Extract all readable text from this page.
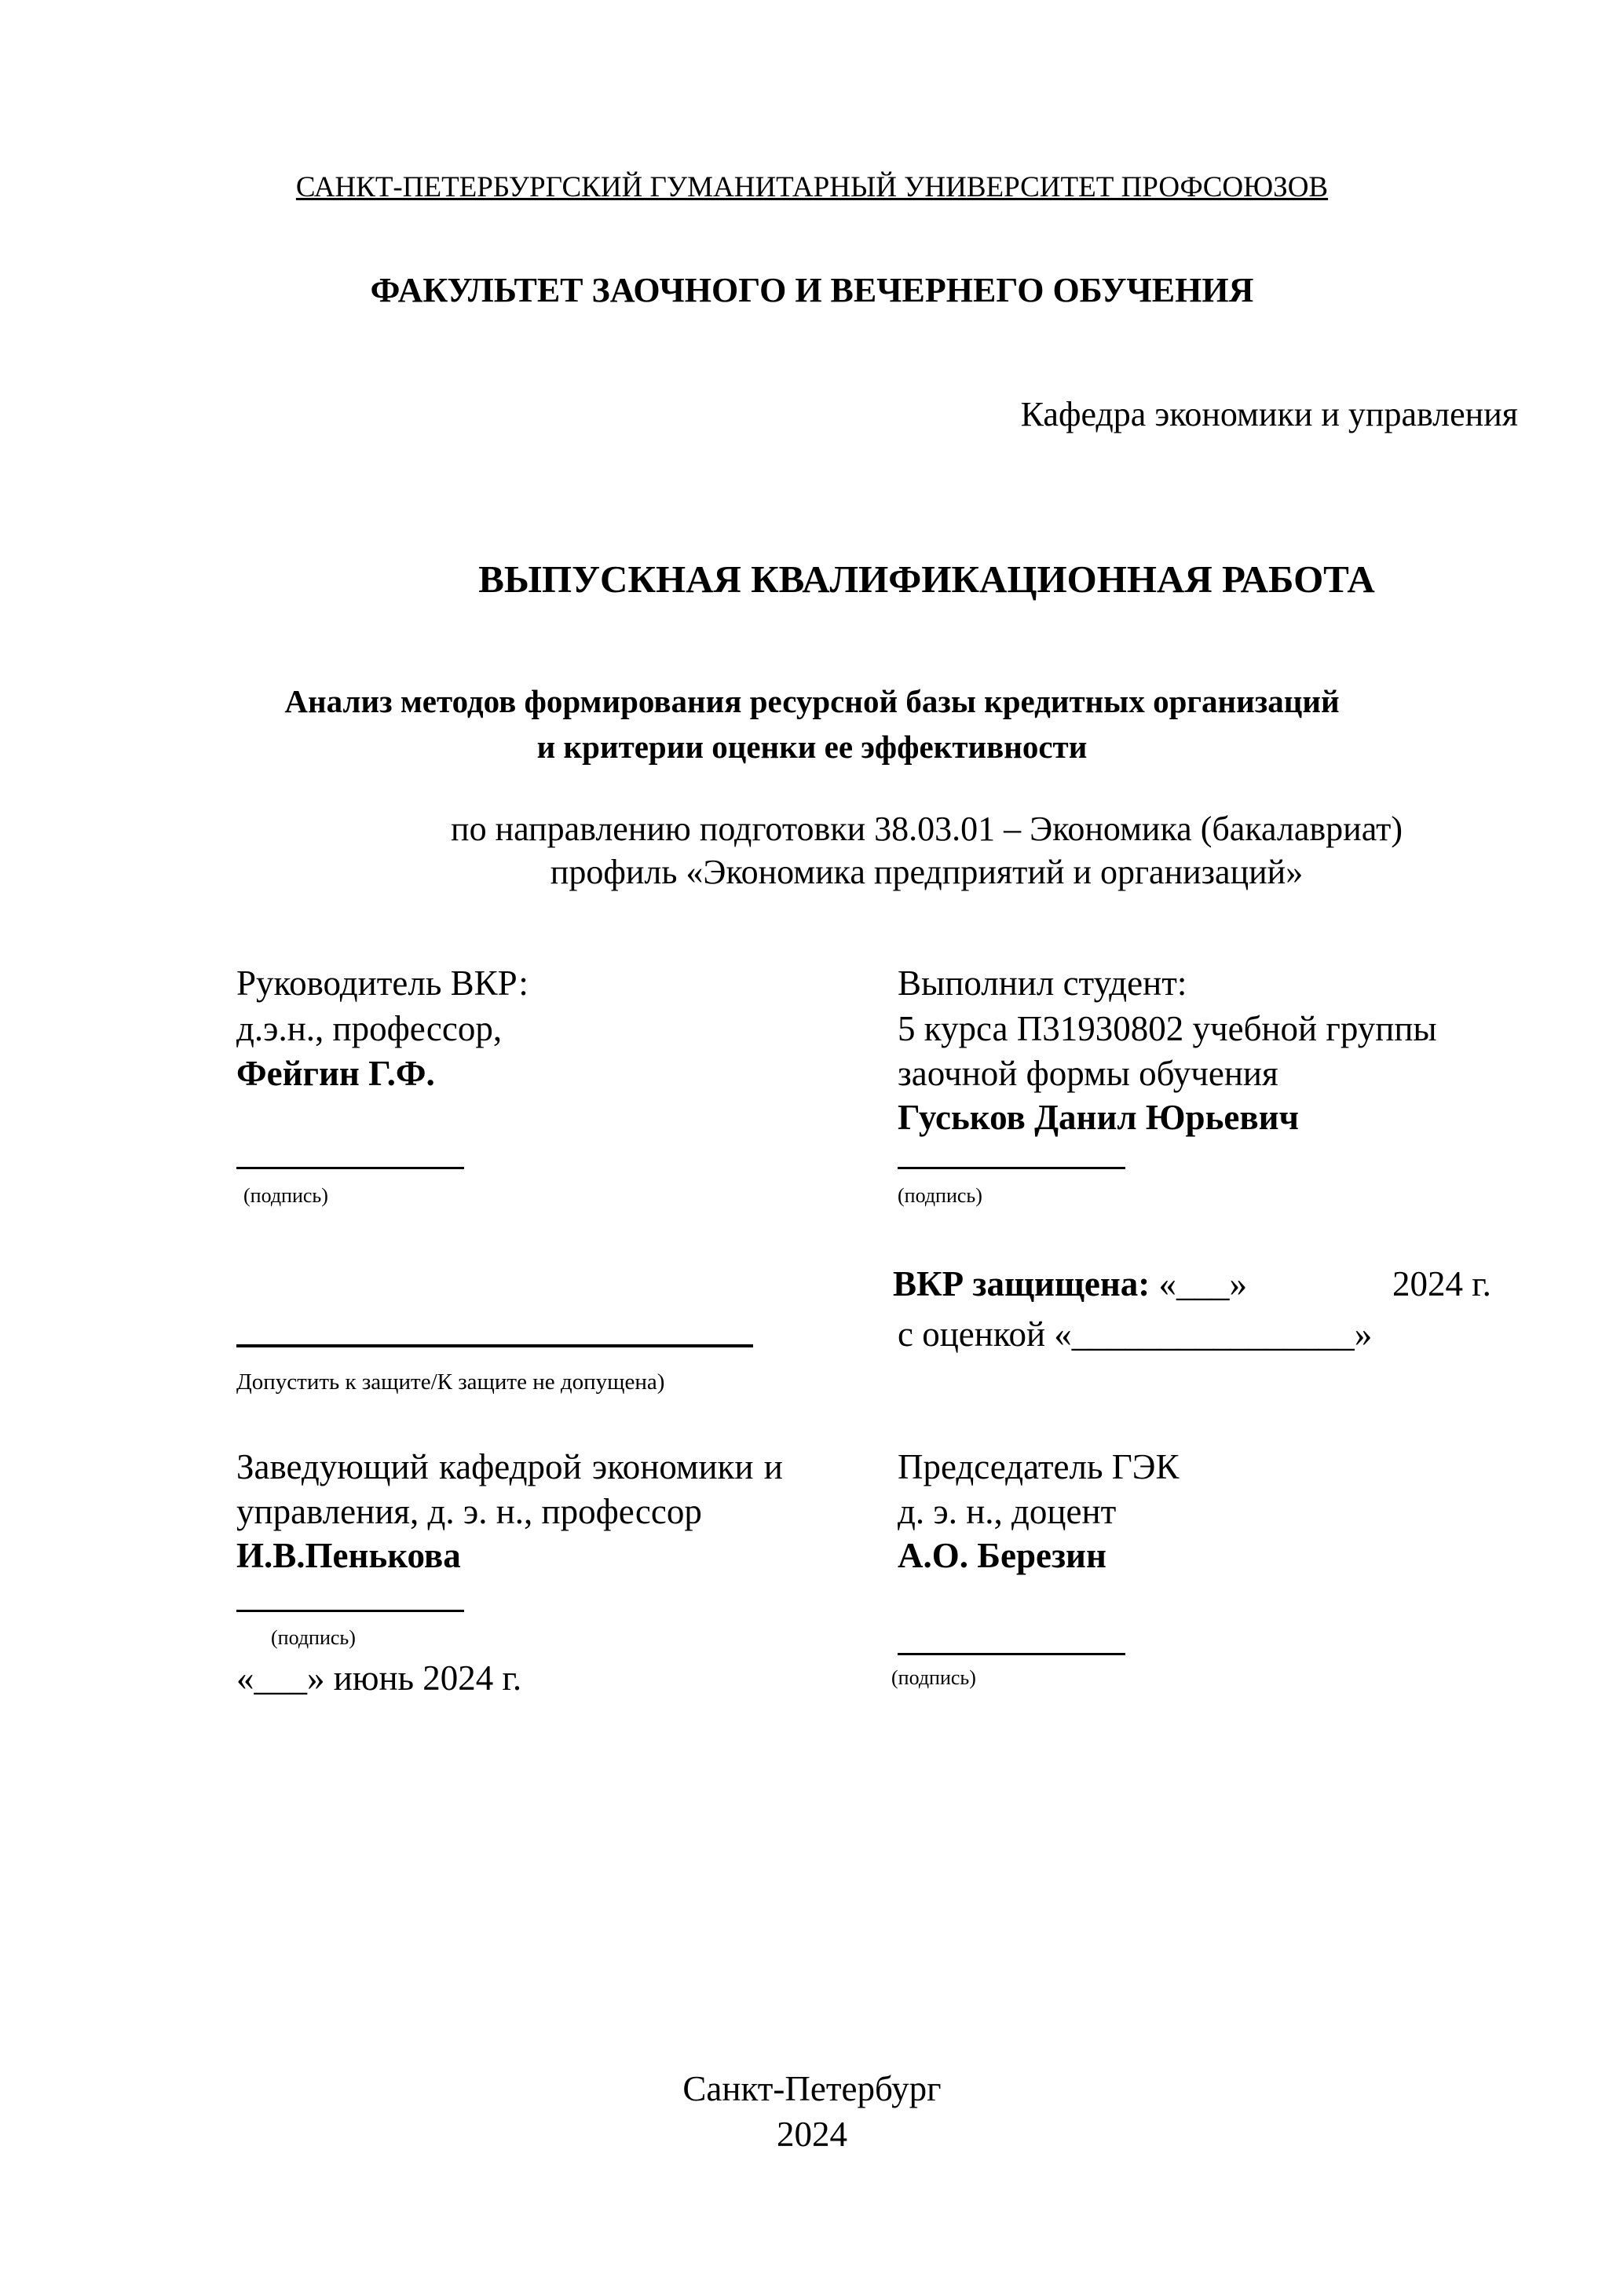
САНКТ-ПЕТЕРБУРГСКИЙ ГУМАНИТАРНЫЙ УНИВЕРСИТЕТ ПРОФСОЮЗОВ
ФАКУЛЬТЕТ ЗАОЧНОГО И ВЕЧЕРНЕГО ОБУЧЕНИЯ
Кафедра экономики и управления
ВЫПУСКНАЯ КВАЛИФИКАЦИОННАЯ РАБОТА
Анализ методов формирования ресурсной базы кредитных организаций
и критерии оценки ее эффективности
по направлению подготовки 38.03.01 – Экономика (бакалавриат)
профиль «Экономика предприятий и организаций»
Руководитель ВКР:
д.э.н., профессор,
Фейгин Г.Ф.
(подпись)
Выполнил студент:
5 курса П31930802 учебной группы
заочной формы обучения
Гуськов Данил Юрьевич
(подпись)
ВКР защищена: «___»	2024 г.
с оценкой «________________»
Допустить к защите/К защите не допущена)
Заведующий кафедрой экономики и
управления, д. э. н., профессор
И.В.Пенькова
(подпись)
«___» июнь 2024 г.
Председатель ГЭК
д. э. н., доцент
А.О. Березин
(подпись)
Санкт-Петербург
2024
